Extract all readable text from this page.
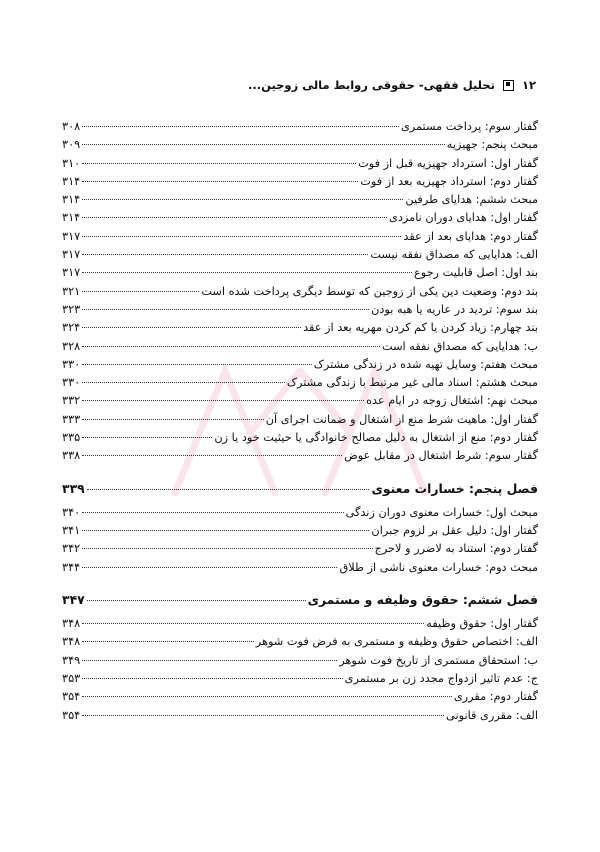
۱۲
تحلیل فقهی- حقوقی روابط مالی زوجین...
گفتار سوم: پرداخت مستمری
۳۰۸
مبحث پنجم: جهیزیه
۳۰۹
گفتار اول: استرداد جهیزیه قبل از فوت
۳۱۰
گفتار دوم: استرداد جهیزیه بعد از فوت
۳۱۴
مبحث ششم: هدایای طرفین
۳۱۴
گفتار اول: هدایای دوران نامزدی
۳۱۴
گفتار دوم: هدایای بعد از عقد
۳۱۷
الف: هدایایی که مصداق نفقه نیست
۳۱۷
بند اول: اصل قابلیت رجوع
۳۱۷
بند دوم: وضعیت دین یکی از زوجین که توسط دیگری پرداخت شده است
۳۲۱
بند سوم: تردید در عاریه یا هبه بودن
۳۲۳
بند چهارم: زیاد کردن یا کم کردن مهریه بعد از عقد
۳۲۴
ب: هدایایی که مصداق نفقه است
۳۲۸
مبحث هفتم: وسایل تهیه شده در زندگی مشترک
۳۳۰
مبحث هشتم: اسناد مالی غیر مرتبط با زندگی مشترک
۳۳۰
مبحث نهم: اشتغال زوجه در ایام عده
۳۳۲
گفتار اول: ماهیت شرط منع از اشتغال و ضمانت اجرای آن
۳۳۳
گفتار دوم: منع از اشتغال به دلیل مصالح خانوادگی یا حیثیت خود یا زن
۳۳۵
گفتار سوم: شرط اشتغال در مقابل عوض
۳۳۸
فصل پنجم: خسارات معنوی
۳۳۹
مبحث اول: خسارات معنوی دوران زندگی
۳۴۰
گفتار اول: دلیل عقل بر لزوم جبران
۳۴۱
گفتار دوم: استناد به لاضرر و لاحرج
۳۴۲
مبحث دوم: خسارات معنوی ناشی از طلاق
۳۴۴
فصل ششم: حقوق وظیفه و مستمری
۳۴۷
گفتار اول: حقوق وظیفه
۳۴۸
الف: اختصاص حقوق وظیفه و مستمری به فرض فوت شوهر
۳۴۸
ب: استحقاق مستمری از تاریخ فوت شوهر
۳۴۹
ج: عدم تاثیر ازدواج مجدد زن بر مستمری
۳۵۳
گفتار دوم: مقرری
۳۵۴
الف: مقرری قانونی
۳۵۴
